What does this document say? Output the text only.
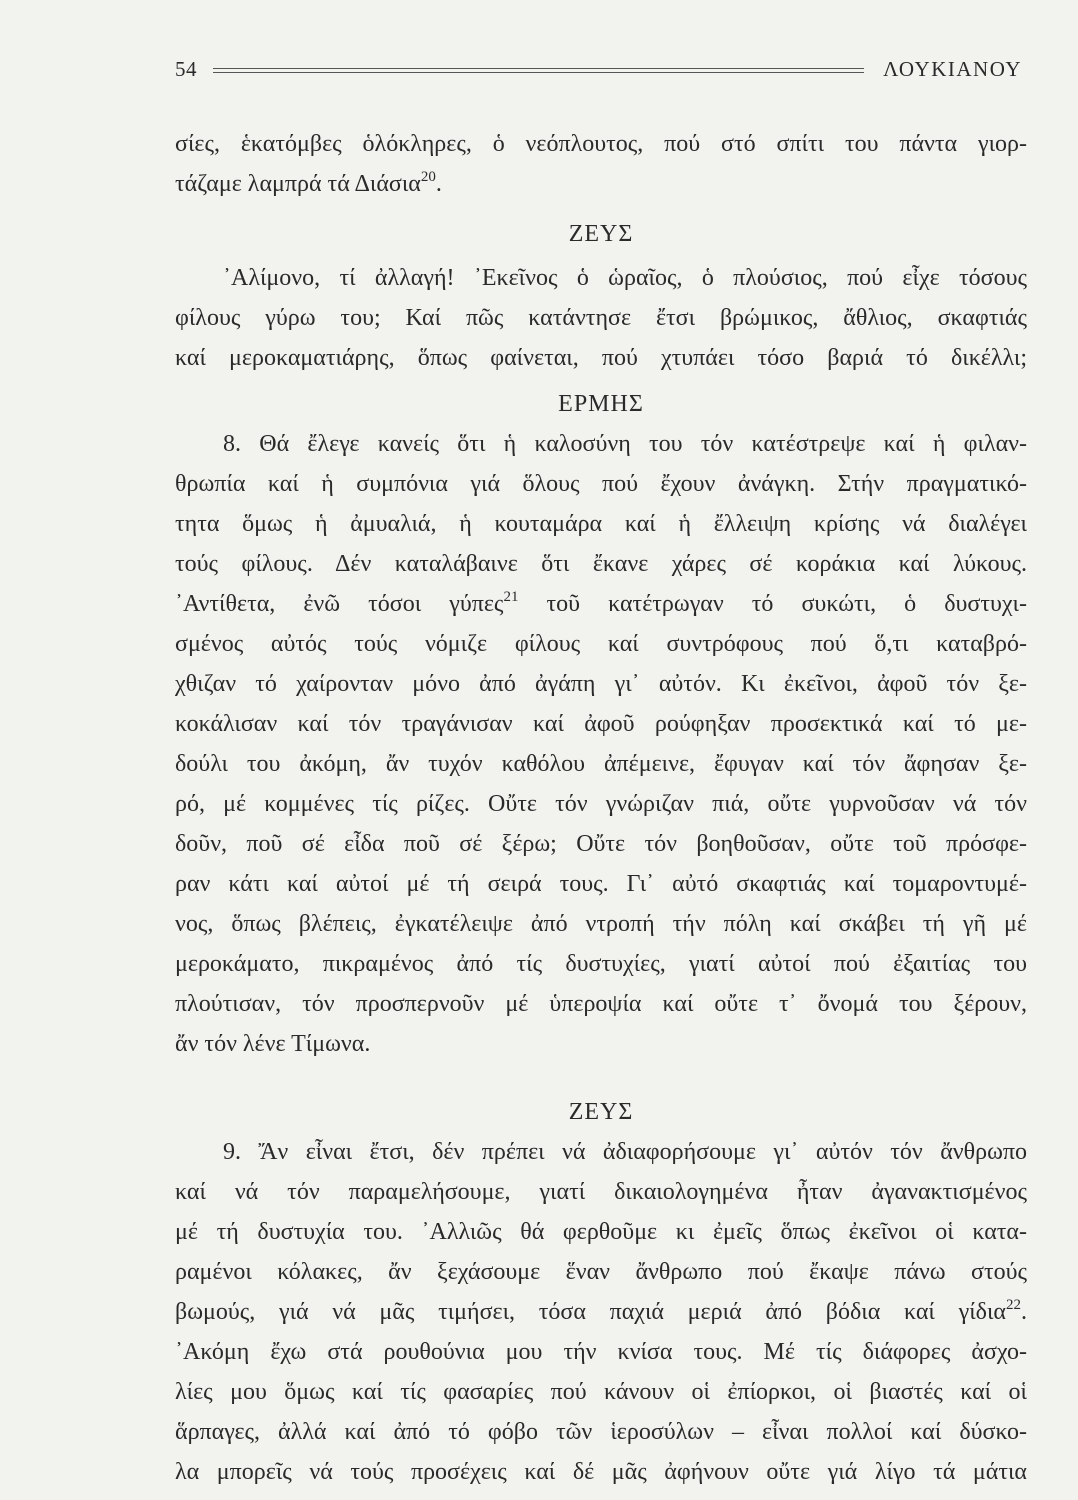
54	ΛΟΥΚΙΑΝΟΥ
σίες, ἑκατόμβες ὁλόκληρες, ὁ νεόπλουτος, πού στό σπίτι του πάντα γιορ-
τάζαμε λαμπρά τά Διάσια$^{20}$.
ΖΕΥΣ
᾿Αλίμονο, τί ἀλλαγή! ᾿Εκεῖνος ὁ ὡραῖος, ὁ πλούσιος, πού εἶχε τόσους
φίλους γύρω του; Καί πῶς κατάντησε ἔτσι βρώμικος, ἄθλιος, σκαφτιάς
καί μεροκαματιάρης, ὅπως φαίνεται, πού χτυπάει τόσο βαριά τό δικέλλι;
ΕΡΜΗΣ
8. Θά ἔλεγε κανείς ὅτι ἡ καλοσύνη του τόν κατέστρεψε καί ἡ φιλαν-
θρωπία καί ἡ συμπόνια γιά ὅλους πού ἔχουν ἀνάγκη. Στήν πραγματικό-
τητα ὅμως ἡ ἀμυαλιά, ἡ κουταμάρα καί ἡ ἔλλειψη κρίσης νά διαλέγει
τούς φίλους. Δέν καταλάβαινε ὅτι ἔκανε χάρες σέ κοράκια καί λύκους.
᾿Αντίθετα, ἐνῶ τόσοι γύπες$^{21}$ τοῦ κατέτρωγαν τό συκώτι, ὁ δυστυχι-
σμένος αὐτός τούς νόμιζε φίλους καί συντρόφους πού ὅ,τι καταβρό-
χθιζαν τό χαίρονταν μόνο ἀπό ἀγάπη γι᾿ αὐτόν. Κι ἐκεῖνοι, ἀφοῦ τόν ξε-
κοκάλισαν καί τόν τραγάνισαν καί ἀφοῦ ρούφηξαν προσεκτικά καί τό με-
δούλι του ἀκόμη, ἄν τυχόν καθόλου ἀπέμεινε, ἔφυγαν καί τόν ἄφησαν ξε-
ρό, μέ κομμένες τίς ρίζες. Οὔτε τόν γνώριζαν πιά, οὔτε γυρνοῦσαν νά τόν
δοῦν, ποῦ σέ εἶδα ποῦ σέ ξέρω; Οὔτε τόν βοηθοῦσαν, οὔτε τοῦ πρόσφε-
ραν κάτι καί αὐτοί μέ τή σειρά τους. Γι᾿ αὐτό σκαφτιάς καί τομαροντυμέ-
νος, ὅπως βλέπεις, ἐγκατέλειψε ἀπό ντροπή τήν πόλη καί σκάβει τή γῆ μέ
μεροκάματο, πικραμένος ἀπό τίς δυστυχίες, γιατί αὐτοί πού ἐξαιτίας του
πλούτισαν, τόν προσπερνοῦν μέ ὑπεροψία καί οὔτε τ᾿ ὄνομά του ξέρουν,
ἄν τόν λένε Τίμωνα.
ΖΕΥΣ
9. Ἄν εἶναι ἔτσι, δέν πρέπει νά ἀδιαφορήσουμε γι᾿ αὐτόν τόν ἄνθρωπο
καί νά τόν παραμελήσουμε, γιατί δικαιολογημένα ἦταν ἀγανακτισμένος
μέ τή δυστυχία του. ᾿Αλλιῶς θά φερθοῦμε κι ἐμεῖς ὅπως ἐκεῖνοι οἱ κατα-
ραμένοι κόλακες, ἄν ξεχάσουμε ἕναν ἄνθρωπο πού ἔκαψε πάνω στούς
βωμούς, γιά νά μᾶς τιμήσει, τόσα παχιά μεριά ἀπό βόδια καί γίδια$^{22}$.
᾿Ακόμη ἔχω στά ρουθούνια μου τήν κνίσα τους. Μέ τίς διάφορες ἀσχο-
λίες μου ὅμως καί τίς φασαρίες πού κάνουν οἱ ἐπίορκοι, οἱ βιαστές καί οἱ
ἅρπαγες, ἀλλά καί ἀπό τό φόβο τῶν ἱεροσύλων – εἶναι πολλοί καί δύσκο-
λα μπορεῖς νά τούς προσέχεις καί δέ μᾶς ἀφήνουν οὔτε γιά λίγο τά μάτια
